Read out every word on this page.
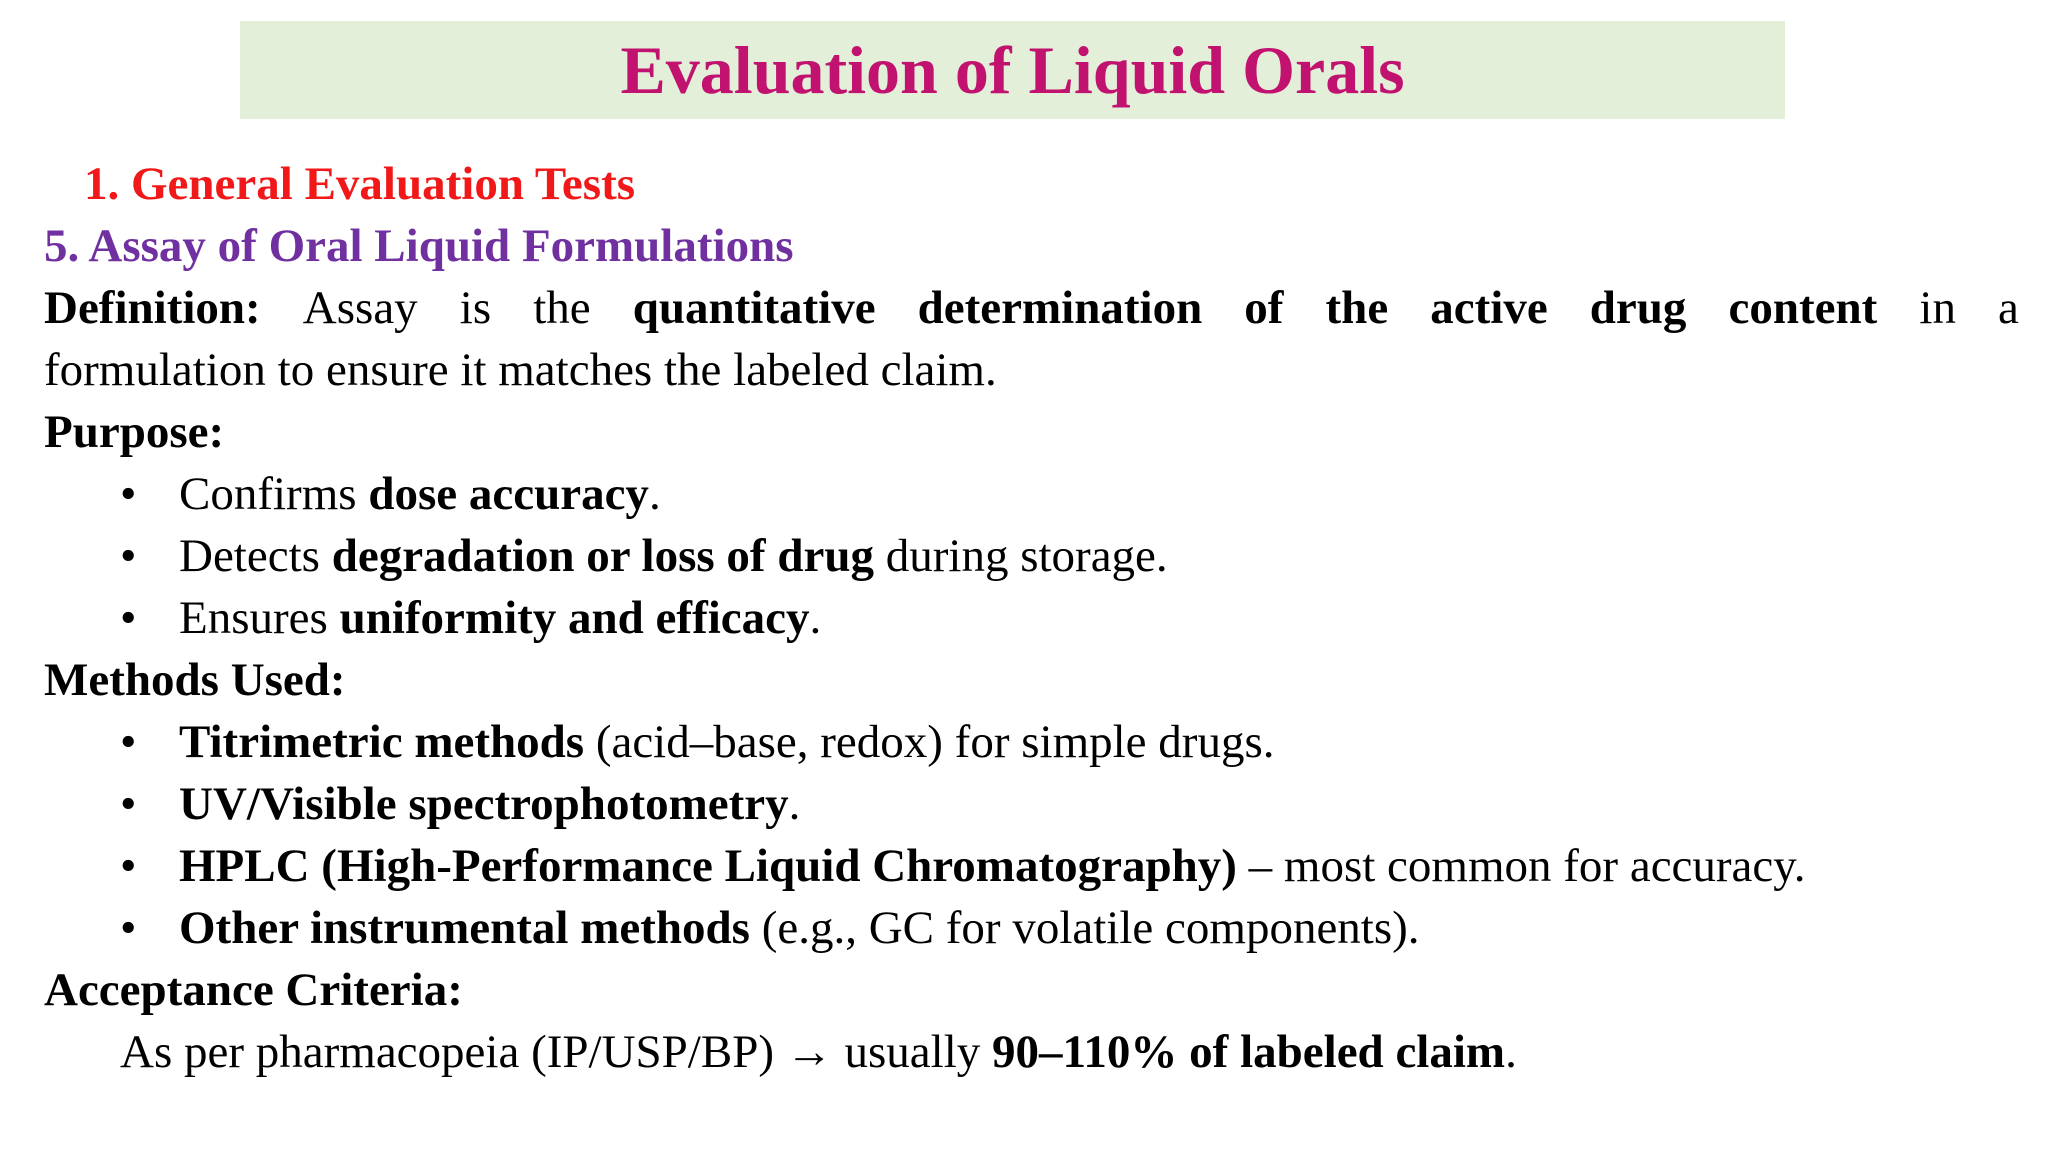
Evaluation of Liquid Orals
1. General Evaluation Tests
5. Assay of Oral Liquid Formulations
Definition: Assay is the quantitative determination of the active drug content in a
formulation to ensure it matches the labeled claim.
Purpose:
• Confirms dose accuracy.
• Detects degradation or loss of drug during storage.
• Ensures uniformity and efficacy.
Methods Used:
• Titrimetric methods (acid–base, redox) for simple drugs.
• UV/Visible spectrophotometry.
• HPLC (High-Performance Liquid Chromatography) – most common for accuracy.
• Other instrumental methods (e.g., GC for volatile components).
Acceptance Criteria:
As per pharmacopeia (IP/USP/BP) → usually 90–110% of labeled claim.
